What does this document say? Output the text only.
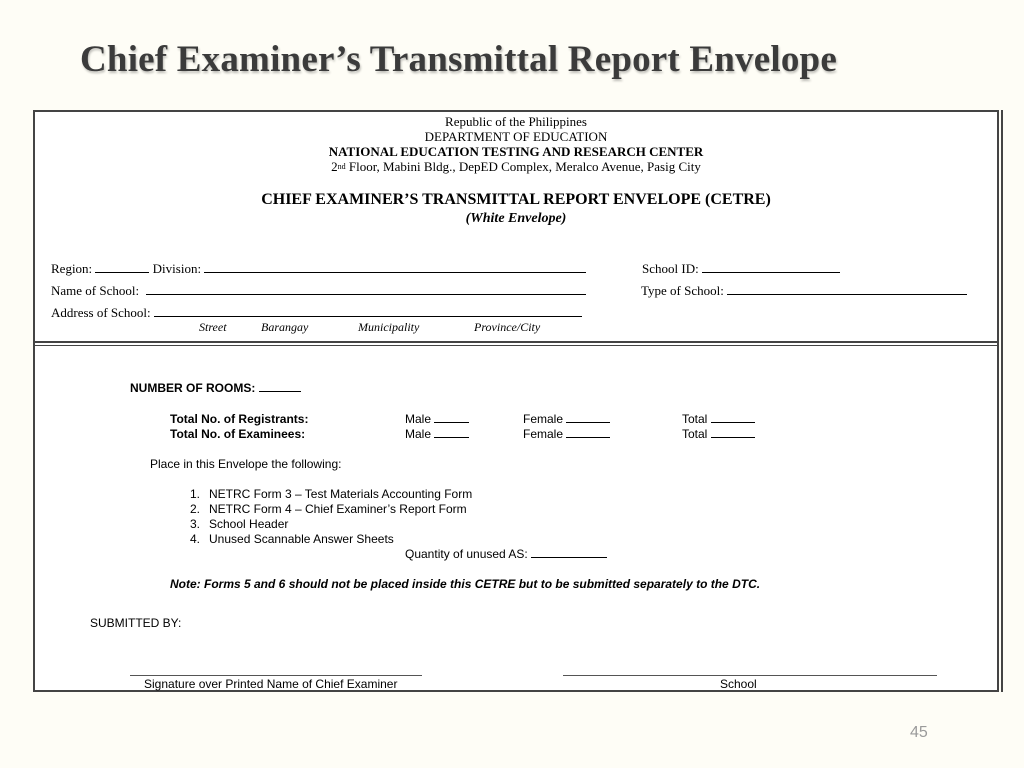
Chief Examiner’s Transmittal Report Envelope
Republic of the Philippines
DEPARTMENT OF EDUCATION
NATIONAL EDUCATION TESTING AND RESEARCH CENTER
2nd Floor, Mabini Bldg., DepED Complex, Meralco Avenue, Pasig City
CHIEF EXAMINER’S TRANSMITTAL REPORT ENVELOPE (CETRE)
(White Envelope)
Region:	Division:	School ID:
Name of School:	Type of School:
Address of School:
Street	Barangay	Municipality	Province/City
NUMBER OF ROOMS:
Total No. of Registrants:	Male	Female	Total
Total No. of Examinees:	Male	Female	Total
Place in this Envelope the following:
1. NETRC Form 3 – Test Materials Accounting Form
2. NETRC Form 4 – Chief Examiner’s Report Form
3. School Header
4. Unused Scannable Answer Sheets
Quantity of unused AS:
Note: Forms 5 and 6 should not be placed inside this CETRE but to be submitted separately to the DTC.
SUBMITTED BY:
Signature over Printed Name of Chief Examiner	School
45
